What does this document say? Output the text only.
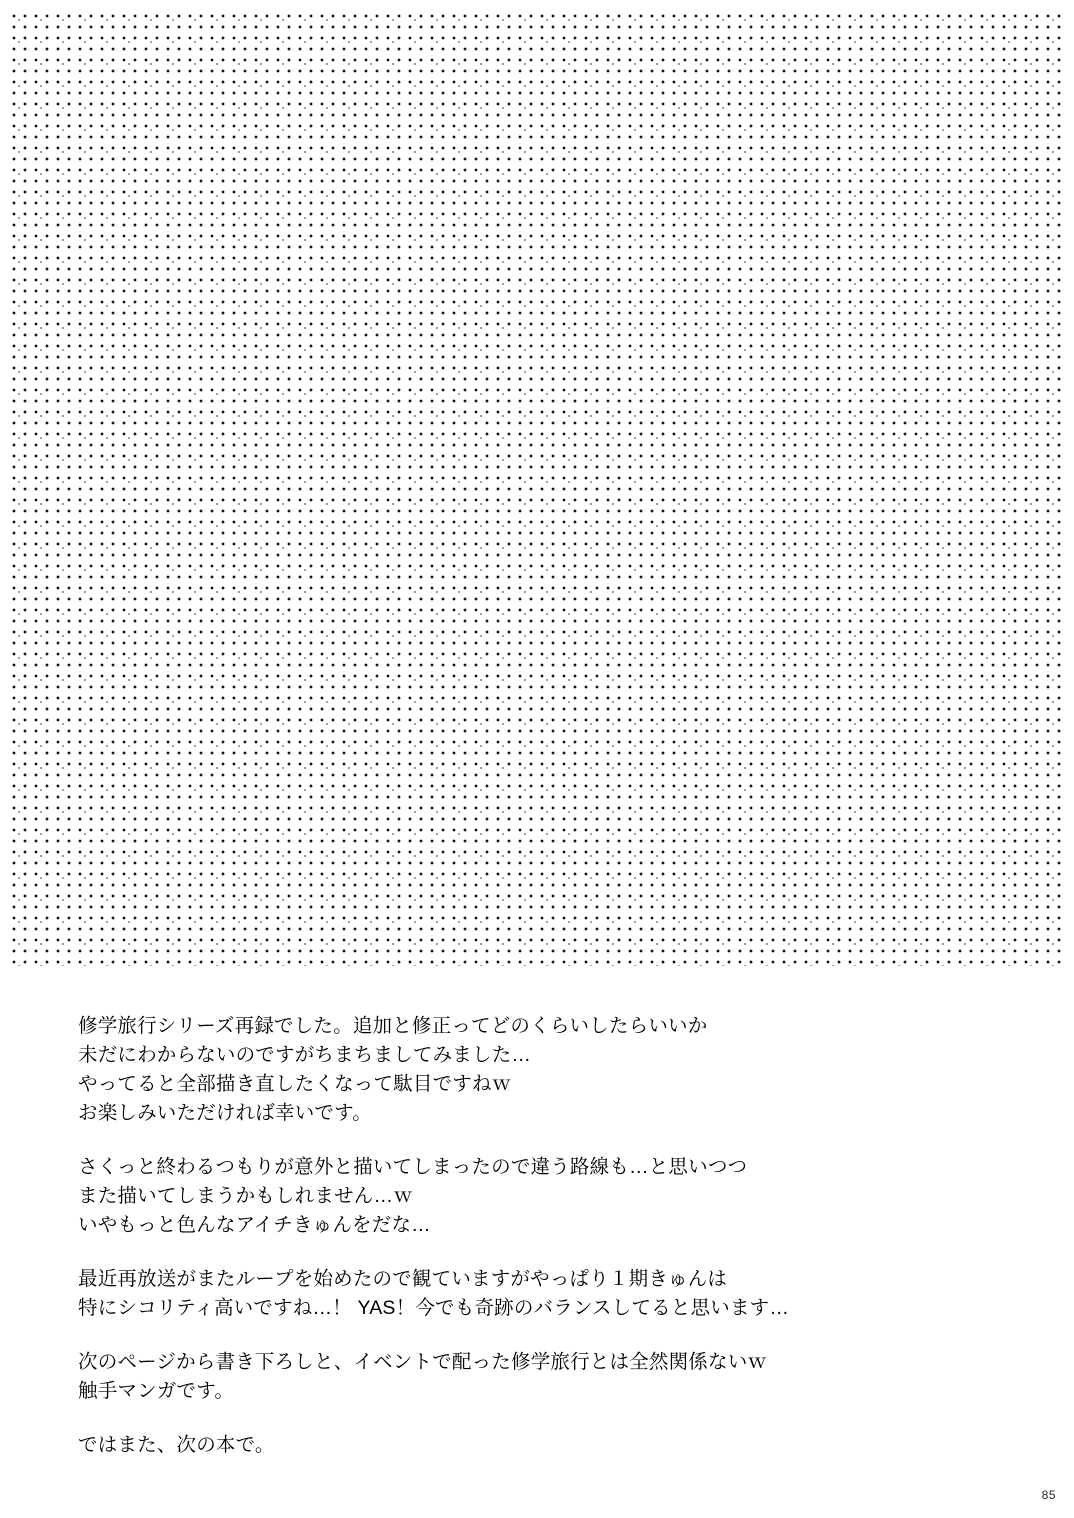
修学旅行シリーズ再録でした。追加と修正ってどのくらいしたらいいか
未だにわからないのですがちまちましてみました…
やってると全部描き直したくなって駄目ですねｗ
お楽しみいただければ幸いです。
さくっと終わるつもりが意外と描いてしまったので違う路線も…と思いつつ
また描いてしまうかもしれません…ｗ
いやもっと色んなアイチきゅんをだな…
最近再放送がまたループを始めたので観ていますがやっぱり１期きゅんは
特にシコリティ高いですね…！ YAS！今でも奇跡のバランスしてると思います…
次のページから書き下ろしと、イベントで配った修学旅行とは全然関係ないｗ
触手マンガです。
ではまた、次の本で。
85
